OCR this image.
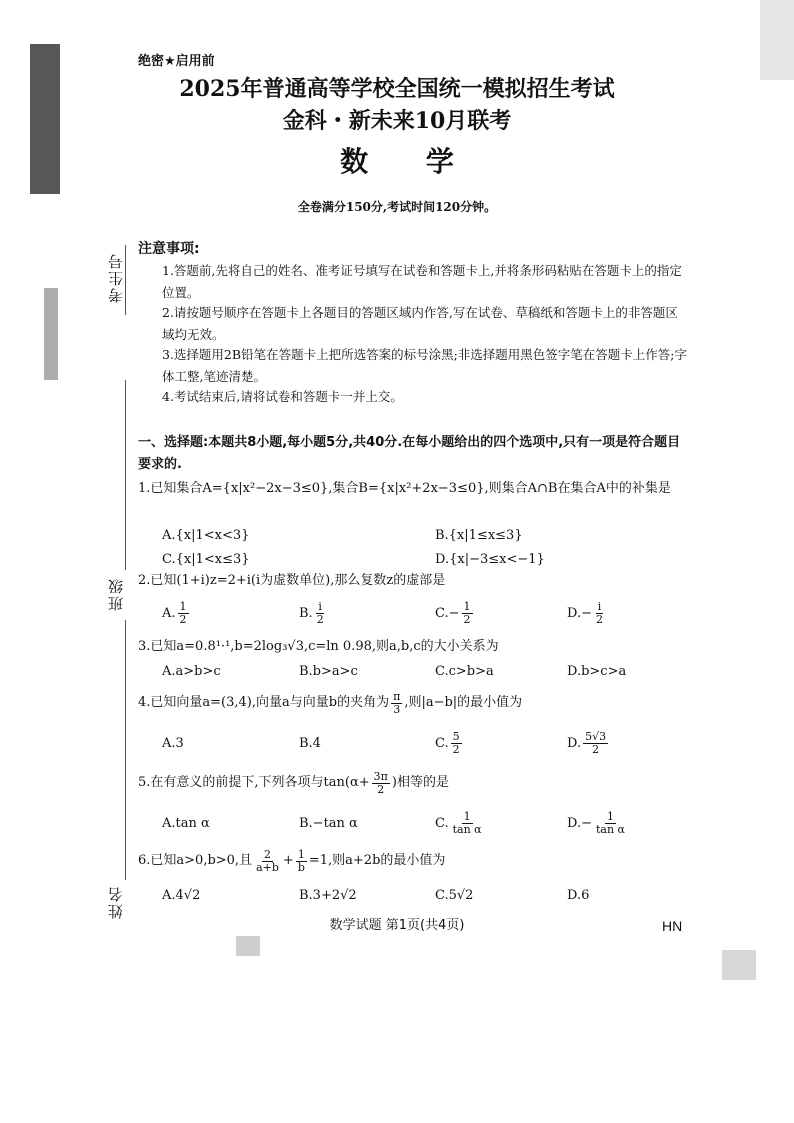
考生号
班级
姓名
绝密★启用前
2025年普通高等学校全国统一模拟招生考试
金科・新未来10月联考
数 学
全卷满分150分,考试时间120分钟。
注意事项:
1.答题前,先将自己的姓名、准考证号填写在试卷和答题卡上,并将条形码粘贴在答题卡上的指定位置。
2.请按题号顺序在答题卡上各题目的答题区域内作答,写在试卷、草稿纸和答题卡上的非答题区域均无效。
3.选择题用2B铅笔在答题卡上把所选答案的标号涂黑;非选择题用黑色签字笔在答题卡上作答;字体工整,笔迹清楚。
4.考试结束后,请将试卷和答题卡一并上交。
一、选择题:本题共8小题,每小题5分,共40分.在每小题给出的四个选项中,只有一项是符合题目要求的.
1.已知集合A={x|x²−2x−3≤0},集合B={x|x²+2x−3≤0},则集合A∩B在集合A中的补集是
A.{x|1<x<3}	B.{x|1≤x≤3}
C.{x|1<x≤3}	D.{x|−3≤x<−1}
2.已知(1+i)z=2+i(i为虚数单位),那么复数z的虚部是
A. $\frac{1}{2}$	B. $\frac{i}{2}$	$C.- \frac{1}{2}$	$D.- \frac{i}{2}$
3.已知a=0.8¹·¹,b=2log₃√3,c=ln 0.98,则a,b,c的大小关系为
A.a>b>c	B.b>a>c	C.c>b>a	D.b>c>a
4.已知向量a=(3,4),向量a与向量b的夹角为 $\frac{\pi}{3}$ ,则|a−b|的最小值为
A.3	B.4	C. $\frac{5}{2}$	D. $\frac{5√3}{2}$
5.在有意义的前提下,下列各项与$\tan(\alpha+ \frac{3\pi}{2}$ )相等的是
A.tan α	B.−tan α	C. $\frac{1}{\text{tan α}}$	$D.- \frac{1}{\text{tan α}}$
6.已知a>0,b>0,且 $\frac{2}{a+b} + \frac{1}{b} =1$,则a+2b的最小值为
A.4√2	B.3+2√2	C.5√2	D.6
数学试题 第1页(共4页)	HN
